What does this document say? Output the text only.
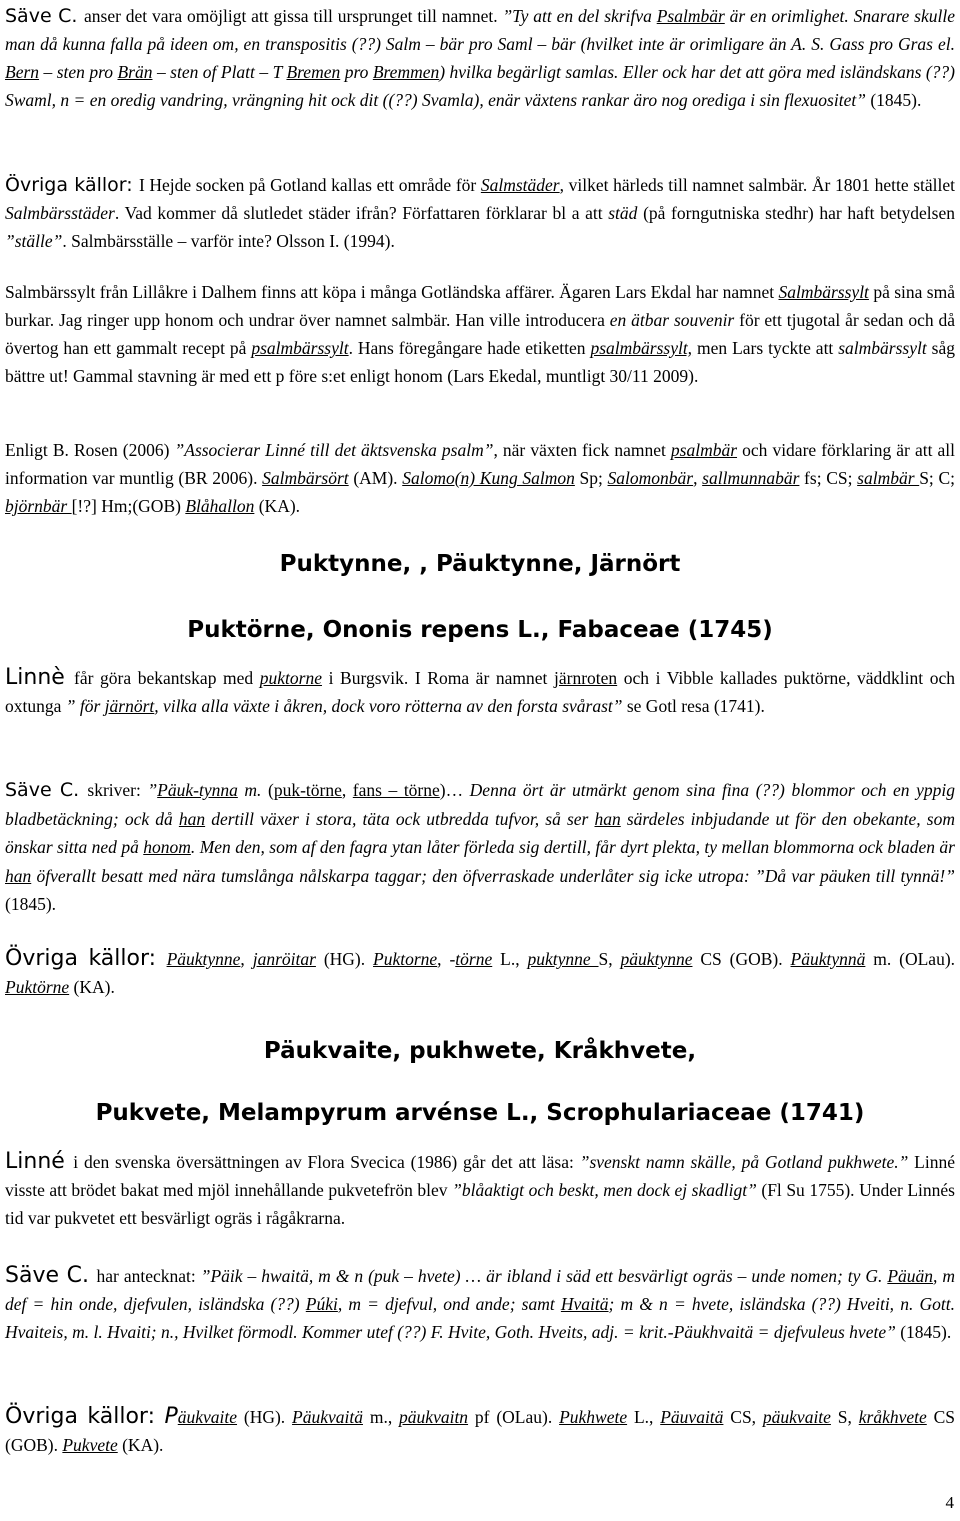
Säve C. anser det vara omöjligt att gissa till ursprunget till namnet. ”Ty att en del skrifva Psalmbär är en orimlighet. Snarare skulle man då kunna falla på ideen om, en transpositis (??) Salm – bär pro Saml – bär (hvilket inte är orimligare än A. S. Gass pro Gras el. Bern – sten pro Brän – sten of Platt – T Bremen pro Bremmen) hvilka begärligt samlas. Eller ock har det att göra med isländskans (??) Swaml, n = en oredig vandring, vrängning hit ock dit ((??) Svamla), enär växtens rankar äro nog orediga i sin flexuositet” (1845).

Övriga källor: I Hejde socken på Gotland kallas ett område för Salmstäder, vilket härleds till namnet salmbär. År 1801 hette stället Salmbärsstäder. Vad kommer då slutledet städer ifrån? Författaren förklarar bl a att städ (på forngutniska stedhr) har haft betydelsen ”ställe”. Salmbärsställe – varför inte? Olsson I. (1994).

Salmbärssylt från Lillåkre i Dalhem finns att köpa i många Gotländska affärer. Ägaren Lars Ekdal har namnet Salmbärssylt på sina små burkar. Jag ringer upp honom och undrar över namnet salmbär. Han ville introducera en ätbar souvenir för ett tjugotal år sedan och då övertog han ett gammalt recept på psalmbärssylt. Hans föregångare hade etiketten psalmbärssylt, men Lars tyckte att salmbärssylt såg bättre ut! Gammal stavning är med ett p före s:et enligt honom (Lars Ekedal, muntligt 30/11 2009).

Enligt B. Rosen (2006) ”Associerar Linné till det äktsvenska psalm”, när växten fick namnet psalmbär och vidare förklaring är att all information var muntlig (BR 2006). Salmbärsört (AM). Salomo(n) Kung Salmon Sp; Salomonbär, sallmunnabär fs; CS; salmbär S; C; björnbär [!?] Hm;(GOB) Blåhallon (KA).

Puktynne, , Päuktynne, Järnört
Puktörne, Ononis repens L., Fabaceae (1745)

Linnè får göra bekantskap med puktorne i Burgsvik. I Roma är namnet järnroten och i Vibble kallades puktörne, väddklint och oxtunga ” för järnört, vilka alla växte i åkren, dock voro rötterna av den forsta svårast” se Gotl resa (1741).

Säve C. skriver: ”Päuk-tynna m. (puk-törne, fans – törne)… Denna ört är utmärkt genom sina fina (??) blommor och en yppig bladbetäckning; ock då han dertill växer i stora, täta ock utbredda tufvor, så ser han särdeles inbjudande ut för den obekante, som önskar sitta ned på honom. Men den, som af den fagra ytan låter förleda sig dertill, får dyrt plekta, ty mellan blommorna ock bladen är han öfverallt besatt med nära tumslånga nålskarpa taggar; den öfverraskade underlåter sig icke utropa: ”Då var päuken till tynnä!” (1845).

Övriga källor: Päuktynne, janröitar (HG). Puktorne, -törne L., puktynne S, päuktynne CS (GOB). Päuktynnä m. (OLau). Puktörne (KA).

Päukvaite, pukhwete, Kråkhvete,
Pukvete, Melampyrum arvénse L., Scrophulariaceae (1741)

Linné i den svenska översättningen av Flora Svecica (1986) går det att läsa: ”svenskt namn skälle, på Gotland pukhwete.” Linné visste att brödet bakat med mjöl innehållande pukvetefrön blev ”blåaktigt och beskt, men dock ej skadligt” (Fl Su 1755). Under Linnés tid var pukvetet ett besvärligt ogräs i rågåkrarna.

Säve C. har antecknat: ”Päik – hwaitä, m & n (puk – hvete) … är ibland i säd ett besvärligt ogräs – unde nomen; ty G. Päuän, m def = hin onde, djefvulen, isländska (??) Púki, m = djefvul, ond ande; samt Hvaitä; m & n = hvete, isländska (??) Hveiti, n. Gott. Hvaiteis, m. l. Hvaiti; n., Hvilket förmodl. Kommer utef (??) F. Hvite, Goth. Hveits, adj. = krit.-Päukhvaitä = djefvuleus hvete” (1845).

Övriga källor: Päukvaite (HG). Päukvaitä m., päukvaitn pf (OLau). Pukhwete L., Päuvaitä CS, päukvaite S, kråkhvete CS (GOB). Pukvete (KA).

4
